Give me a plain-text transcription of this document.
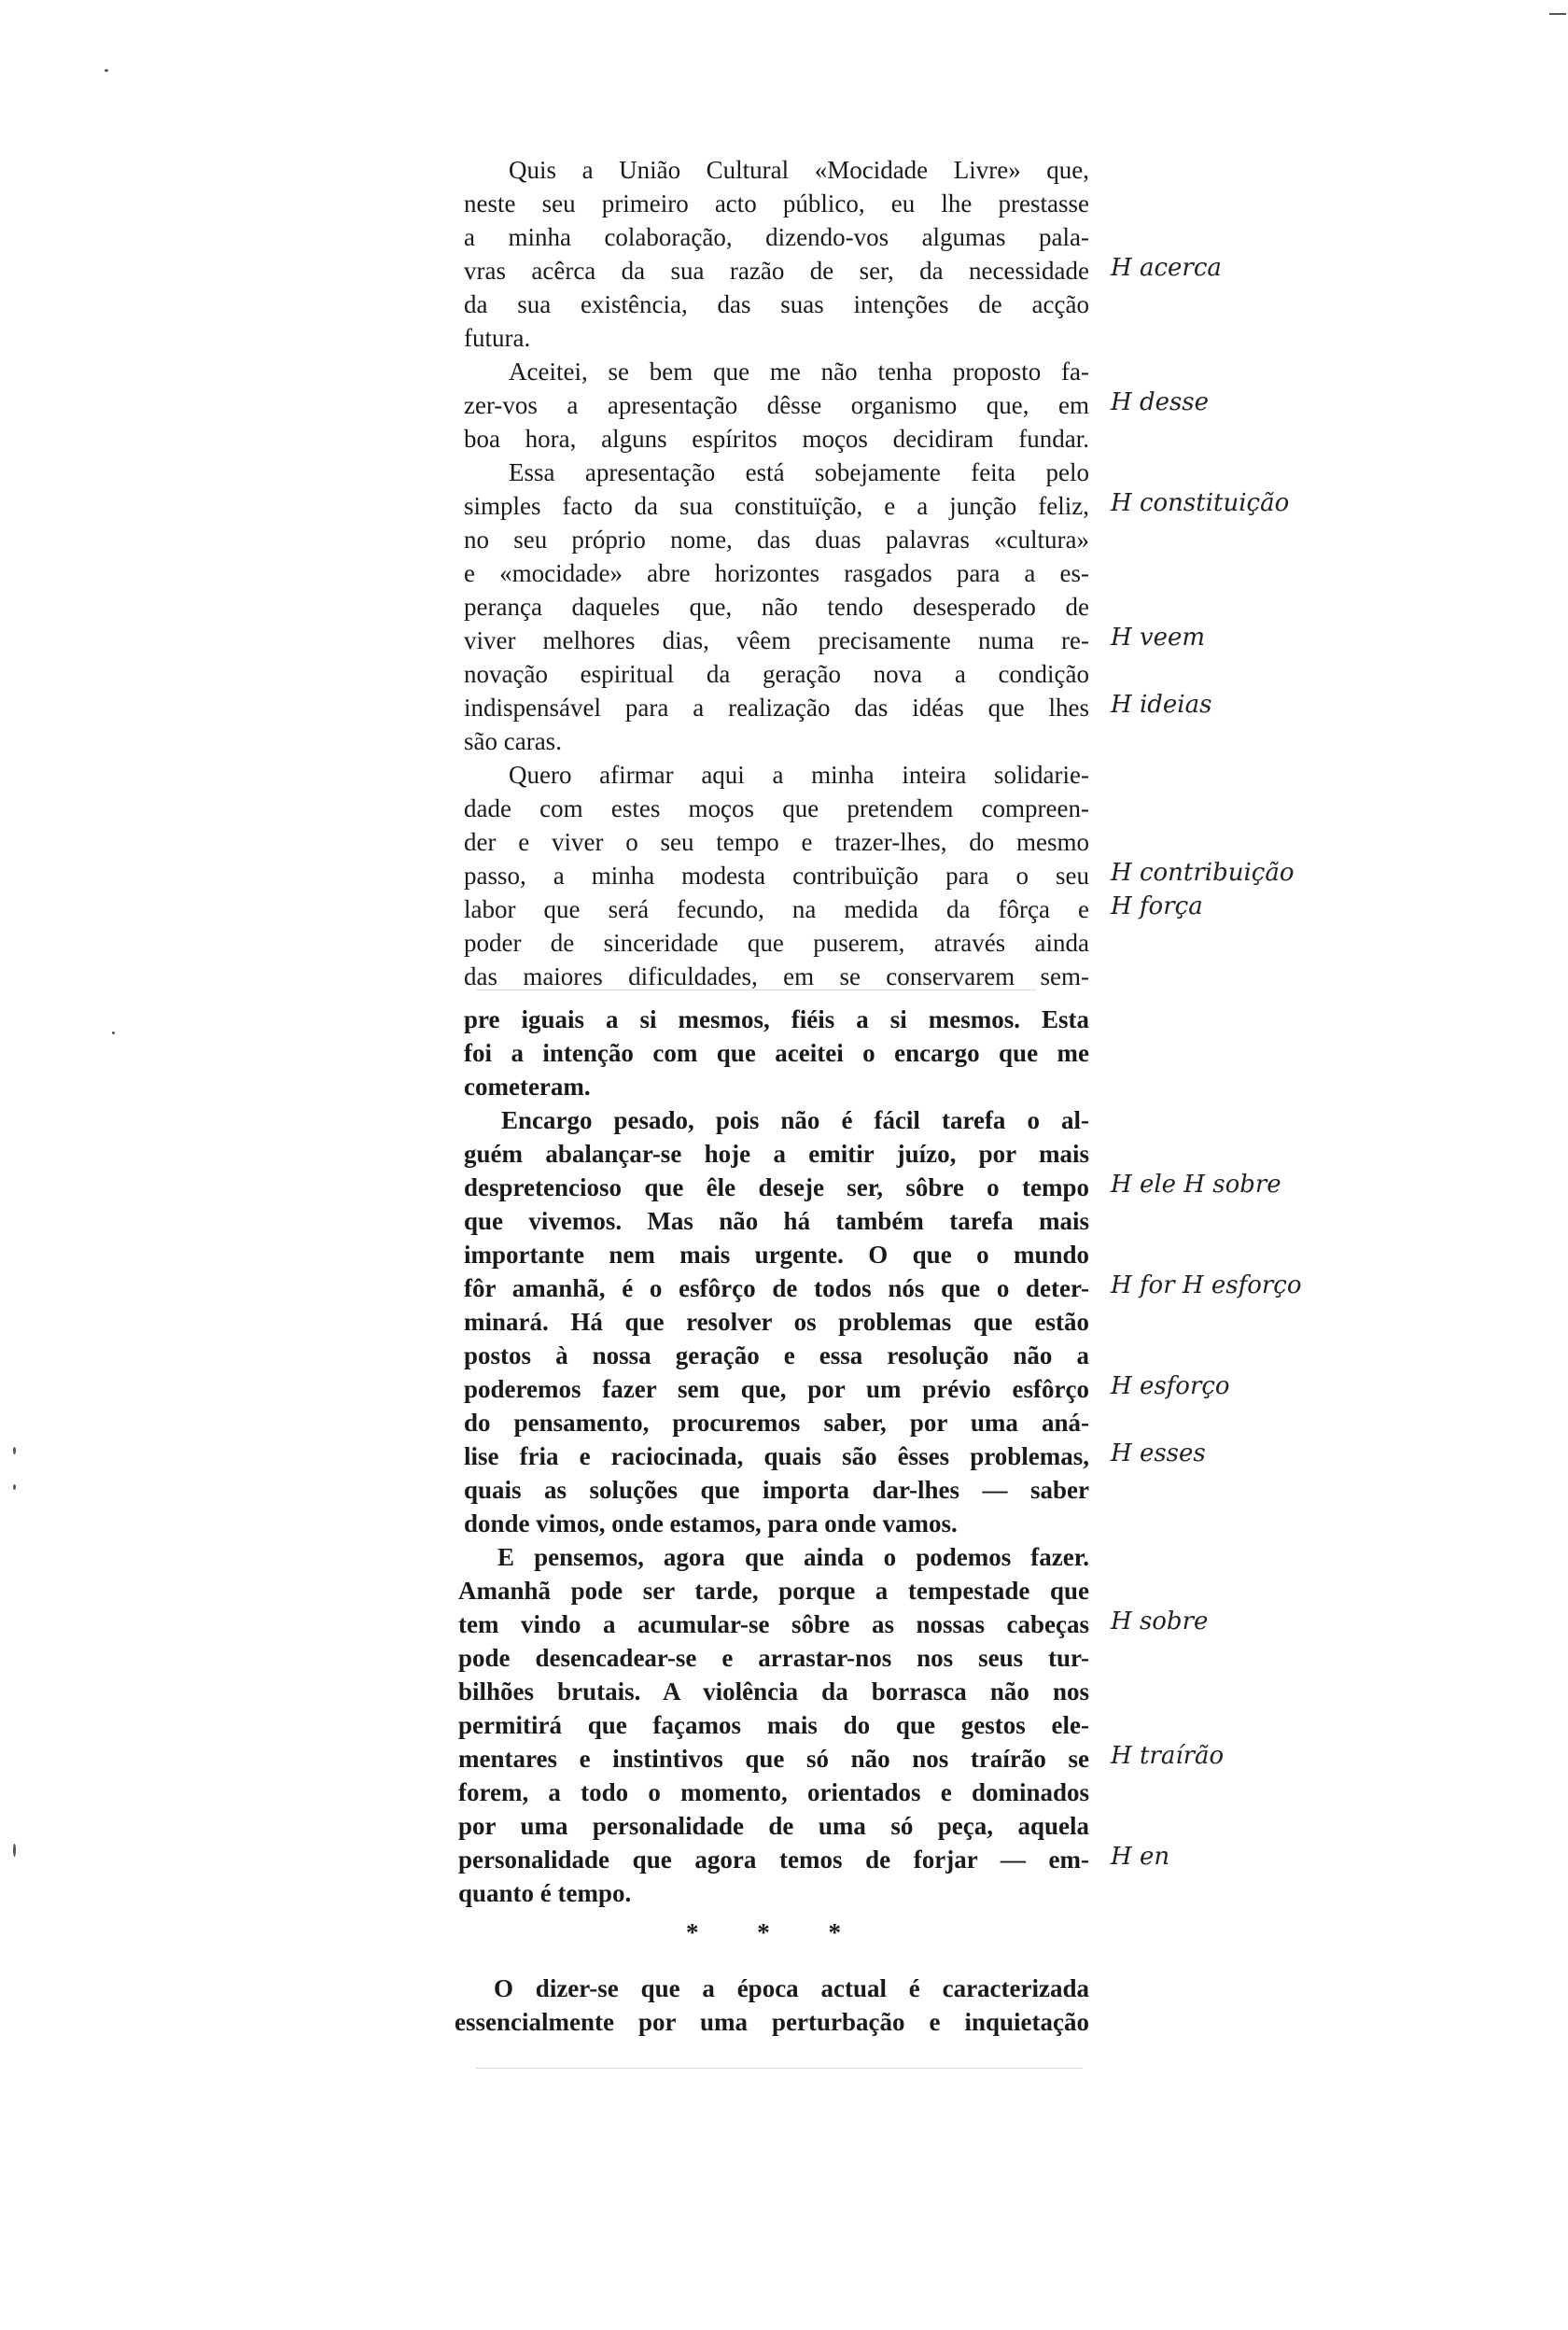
Quis a União Cultural «Mocidade Livre» que,
neste seu primeiro acto público, eu lhe prestasse
a minha colaboração, dizendo-vos algumas pala-
vras acêrca da sua razão de ser, da necessidade
da sua existência, das suas intenções de acção
futura.
Aceitei, se bem que me não tenha proposto fa-
zer-vos a apresentação dêsse organismo que, em
boa hora, alguns espíritos moços decidiram fundar.
Essa apresentação está sobejamente feita pelo
simples facto da sua constituïção, e a junção feliz,
no seu próprio nome, das duas palavras «cultura»
e «mocidade» abre horizontes rasgados para a es-
perança daqueles que, não tendo desesperado de
viver melhores dias, vêem precisamente numa re-
novação espiritual da geração nova a condição
indispensável para a realização das idéas que lhes
são caras.
Quero afirmar aqui a minha inteira solidarie-
dade com estes moços que pretendem compreen-
der e viver o seu tempo e trazer-lhes, do mesmo
passo, a minha modesta contribuïção para o seu
labor que será fecundo, na medida da fôrça e
poder de sinceridade que puserem, através ainda
das maiores dificuldades, em se conservarem sem-
pre iguais a si mesmos, fiéis a si mesmos. Esta
foi a intenção com que aceitei o encargo que me
cometeram.
Encargo pesado, pois não é fácil tarefa o al-
guém abalançar-se hoje a emitir juízo, por mais
despretencioso que êle deseje ser, sôbre o tempo
que vivemos. Mas não há também tarefa mais
importante nem mais urgente. O que o mundo
fôr amanhã, é o esfôrço de todos nós que o deter-
minará. Há que resolver os problemas que estão
postos à nossa geração e essa resolução não a
poderemos fazer sem que, por um prévio esfôrço
do pensamento, procuremos saber, por uma aná-
lise fria e raciocinada, quais são êsses problemas,
quais as soluções que importa dar-lhes — saber
donde vimos, onde estamos, para onde vamos.
E pensemos, agora que ainda o podemos fazer.
Amanhã pode ser tarde, porque a tempestade que
tem vindo a acumular-se sôbre as nossas cabeças
pode desencadear-se e arrastar-nos nos seus tur-
bilhões brutais. A violência da borrasca não nos
permitirá que façamos mais do que gestos ele-
mentares e instintivos que só não nos traírão se
forem, a todo o momento, orientados e dominados
por uma personalidade de uma só peça, aquela
personalidade que agora temos de forjar — em-
quanto é tempo.
* * *
O dizer-se que a época actual é caracterizada
essencialmente por uma perturbação e inquietação
H acerca
H desse
H constituição
H veem
H ideias
H contribuição
H força
H ele H sobre
H for H esforço
H esforço
H esses
H sobre
H traírão
H en
